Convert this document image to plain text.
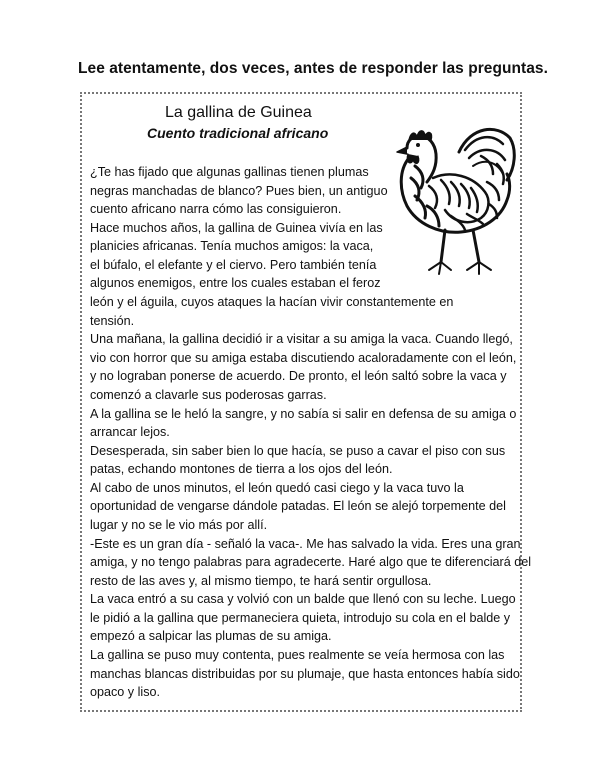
Lee atentamente, dos veces, antes de responder las preguntas.
La gallina de Guinea
Cuento tradicional africano
¿Te has fijado que algunas gallinas tienen plumas
negras manchadas de blanco? Pues bien, un antiguo
cuento africano narra cómo las consiguieron.
Hace muchos años, la gallina de Guinea vivía en las
planicies africanas. Tenía muchos amigos: la vaca,
el búfalo, el elefante y el ciervo. Pero también tenía
algunos enemigos, entre los cuales estaban el feroz
león y el águila, cuyos ataques la hacían vivir constantemente en
tensión.
Una mañana, la gallina decidió ir a visitar a su amiga la vaca. Cuando llegó,
vio con horror que su amiga estaba discutiendo acaloradamente con el león,
y no lograban ponerse de acuerdo. De pronto, el león saltó sobre la vaca y
comenzó a clavarle sus poderosas garras.
A la gallina se le heló la sangre, y no sabía si salir en defensa de su amiga o
arrancar lejos.
Desesperada, sin saber bien lo que hacía, se puso a cavar el piso con sus
patas, echando montones de tierra a los ojos del león.
Al cabo de unos minutos, el león quedó casi ciego y la vaca tuvo la
oportunidad de vengarse dándole patadas. El león se alejó torpemente del
lugar y no se le vio más por allí.
-Este es un gran día - señaló la vaca-. Me has salvado la vida. Eres una gran
amiga, y no tengo palabras para agradecerte. Haré algo que te diferenciará del
resto de las aves y, al mismo tiempo, te hará sentir orgullosa.
La vaca entró a su casa y volvió con un balde que llenó con su leche. Luego
le pidió a la gallina que permaneciera quieta, introdujo su cola en el balde y
empezó a salpicar las plumas de su amiga.
La gallina se puso muy contenta, pues realmente se veía hermosa con las
manchas blancas distribuidas por su plumaje, que hasta entonces había sido
opaco y liso.
